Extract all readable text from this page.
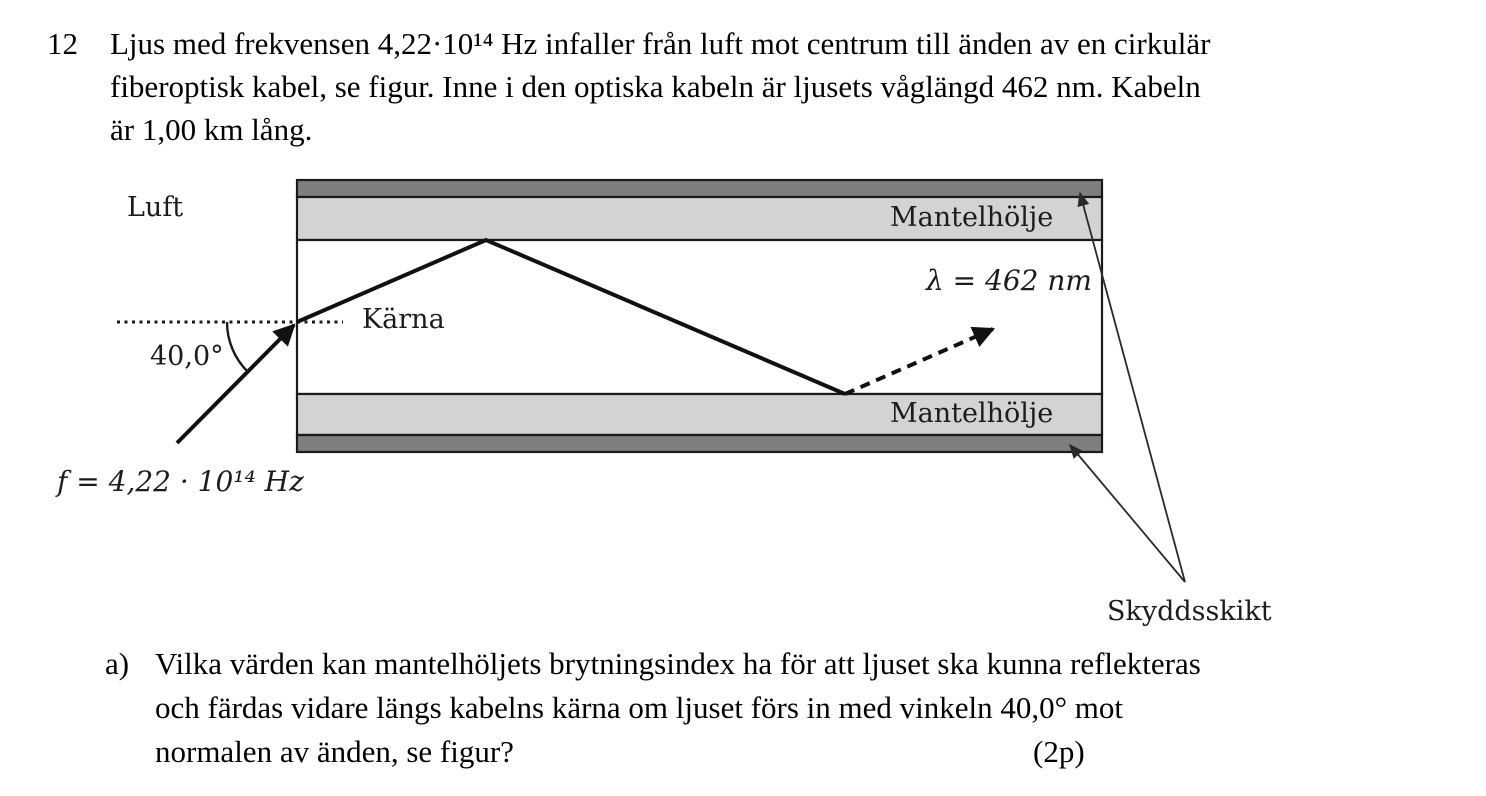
12	Ljus med frekvensen 4,22·10¹⁴ Hz infaller från luft mot centrum till änden av en cirkulär
fiberoptisk kabel, se figur. Inne i den optiska kabeln är ljusets våglängd 462 nm. Kabeln
är 1,00 km lång.
Luft	Mantelhölje
Kärna
λ = 462 nm
40,0°
Mantelhölje
f = 4,22 · 10¹⁴ Hz
Skyddsskikt
a) Vilka värden kan mantelhöljets brytningsindex ha för att ljuset ska kunna reflekteras
och färdas vidare längs kabelns kärna om ljuset förs in med vinkeln 40,0° mot
normalen av änden, se figur?	(2p)
